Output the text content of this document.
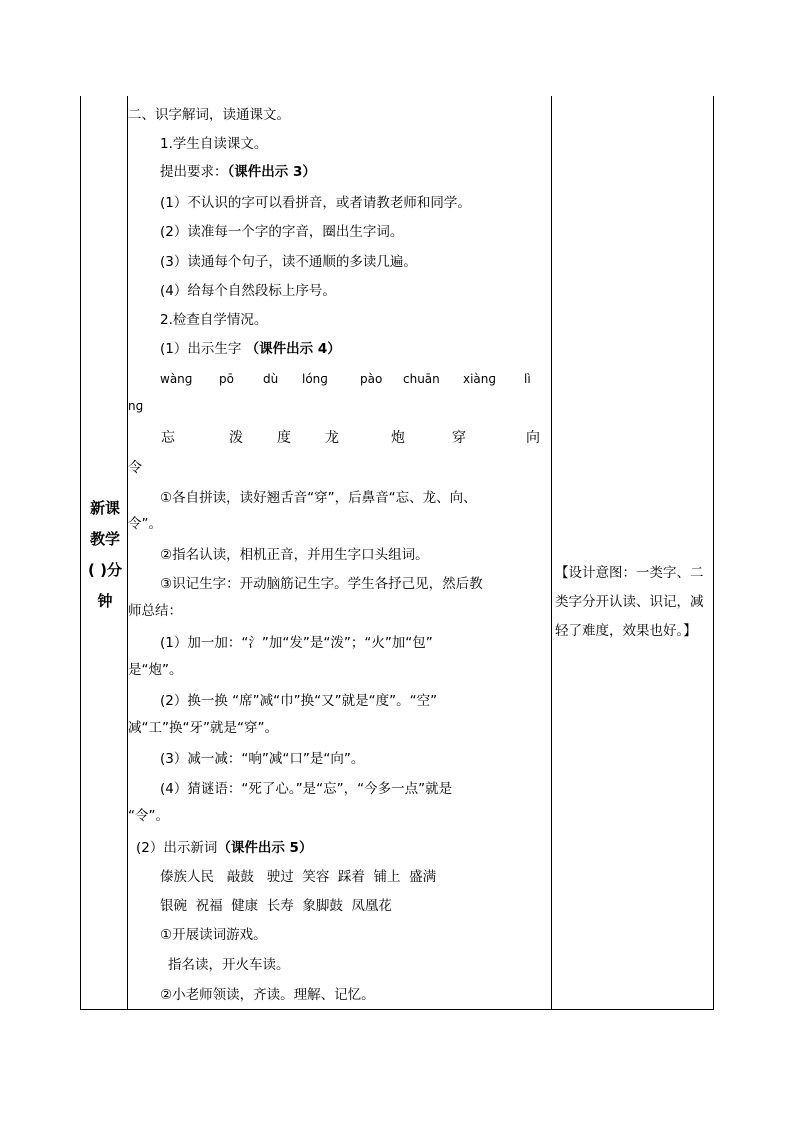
新课
教学
( )分
钟
二、识字解词，读通课文。
1.学生自读课文。
提出要求：（课件出示 3）
(1）不认识的字可以看拼音，或者请教老师和同学。
(2）读准每一个字的字音，圈出生字词。
(3）读通每个句子，读不通顺的多读几遍。
(4）给每个自然段标上序号。
2.检查自学情况。
(1）出示生字 （课件出示 4）
wànɡ pō dù lónɡ	pào chuān xiànɡ lì
nɡ
忘	泼 度 龙	炮	穿	向
令
①各自拼读，读好翘舌音“穿”，后鼻音“忘、龙、向、
令”。
②指名认读，相机正音，并用生字口头组词。
③识记生字：开动脑筋记生字。学生各抒己见，然后教
师总结：
(1）加一加：“氵”加“发”是“泼”；“火”加“包”
是“炮”。
(2）换一换 “席”减“巾”换“又”就是“度”。“空”
减“工”换“牙”就是“穿”。
(3）减一减：“响”减“口”是“向”。
(4）猜谜语：“死了心。”是“忘”，“今多一点”就是
“令”。
(2）出示新词（课件出示 5）
傣族人民   敲鼓   驶过  笑容  踩着  铺上  盛满
银碗  祝福  健康  长寿  象脚鼓  凤凰花
①开展读词游戏。
指名读，开火车读。
②小老师领读，齐读。理解、记忆。
【设计意图：一类字、二类字分开认读、识记，减轻了难度，效果也好。】
